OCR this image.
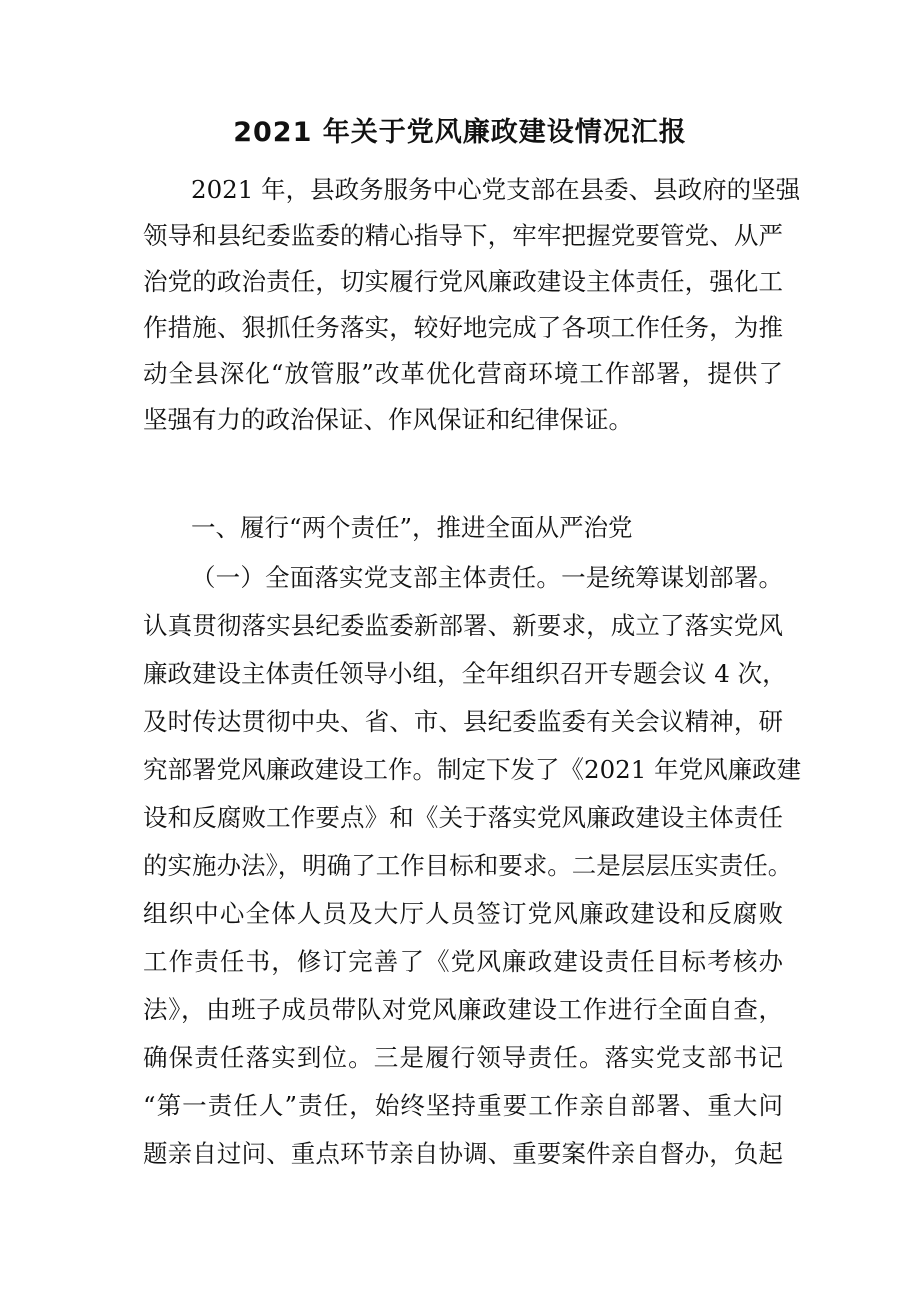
2021 年关于党风廉政建设情况汇报

2021 年，县政务服务中心党支部在县委、县政府的坚强

领导和县纪委监委的精心指导下，牢牢把握党要管党、从严

治党的政治责任，切实履行党风廉政建设主体责任，强化工

作措施、狠抓任务落实，较好地完成了各项工作任务，为推

动全县深化“放管服”改革优化营商环境工作部署，提供了

坚强有力的政治保证、作风保证和纪律保证。

一、履行“两个责任”，推进全面从严治党

（一）全面落实党支部主体责任。一是统筹谋划部署。

认真贯彻落实县纪委监委新部署、新要求，成立了落实党风

廉政建设主体责任领导小组，全年组织召开专题会议 4 次，

及时传达贯彻中央、省、市、县纪委监委有关会议精神，研

究部署党风廉政建设工作。制定下发了《2021 年党风廉政建

设和反腐败工作要点》和《关于落实党风廉政建设主体责任

的实施办法》，明确了工作目标和要求。二是层层压实责任。

组织中心全体人员及大厅人员签订党风廉政建设和反腐败

工作责任书，修订完善了《党风廉政建设责任目标考核办

法》，由班子成员带队对党风廉政建设工作进行全面自查，

确保责任落实到位。三是履行领导责任。落实党支部书记

“第一责任人”责任，始终坚持重要工作亲自部署、重大问

题亲自过问、重点环节亲自协调、重要案件亲自督办，负起
